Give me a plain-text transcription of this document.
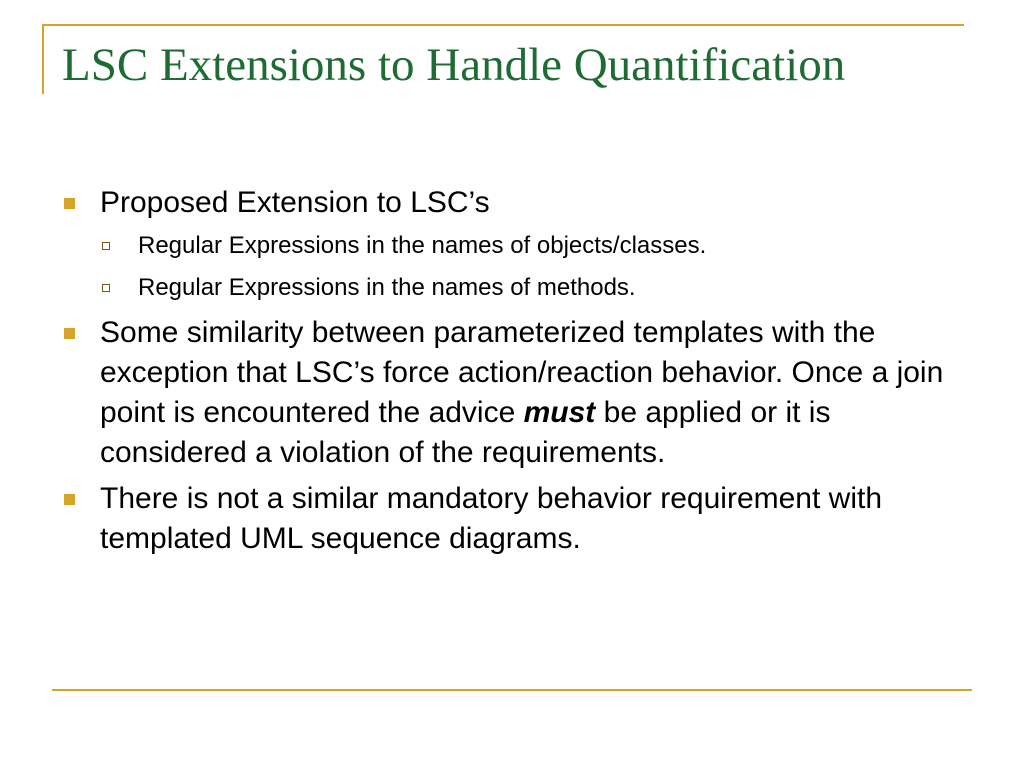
LSC Extensions to Handle Quantification
Proposed Extension to LSC’s
Regular Expressions in the names of objects/classes.
Regular Expressions in the names of methods.
Some similarity between parameterized templates with the exception that LSC’s force action/reaction behavior. Once a join point is encountered the advice must be applied or it is considered a violation of the requirements.
There is not a similar mandatory behavior requirement with templated UML sequence diagrams.
